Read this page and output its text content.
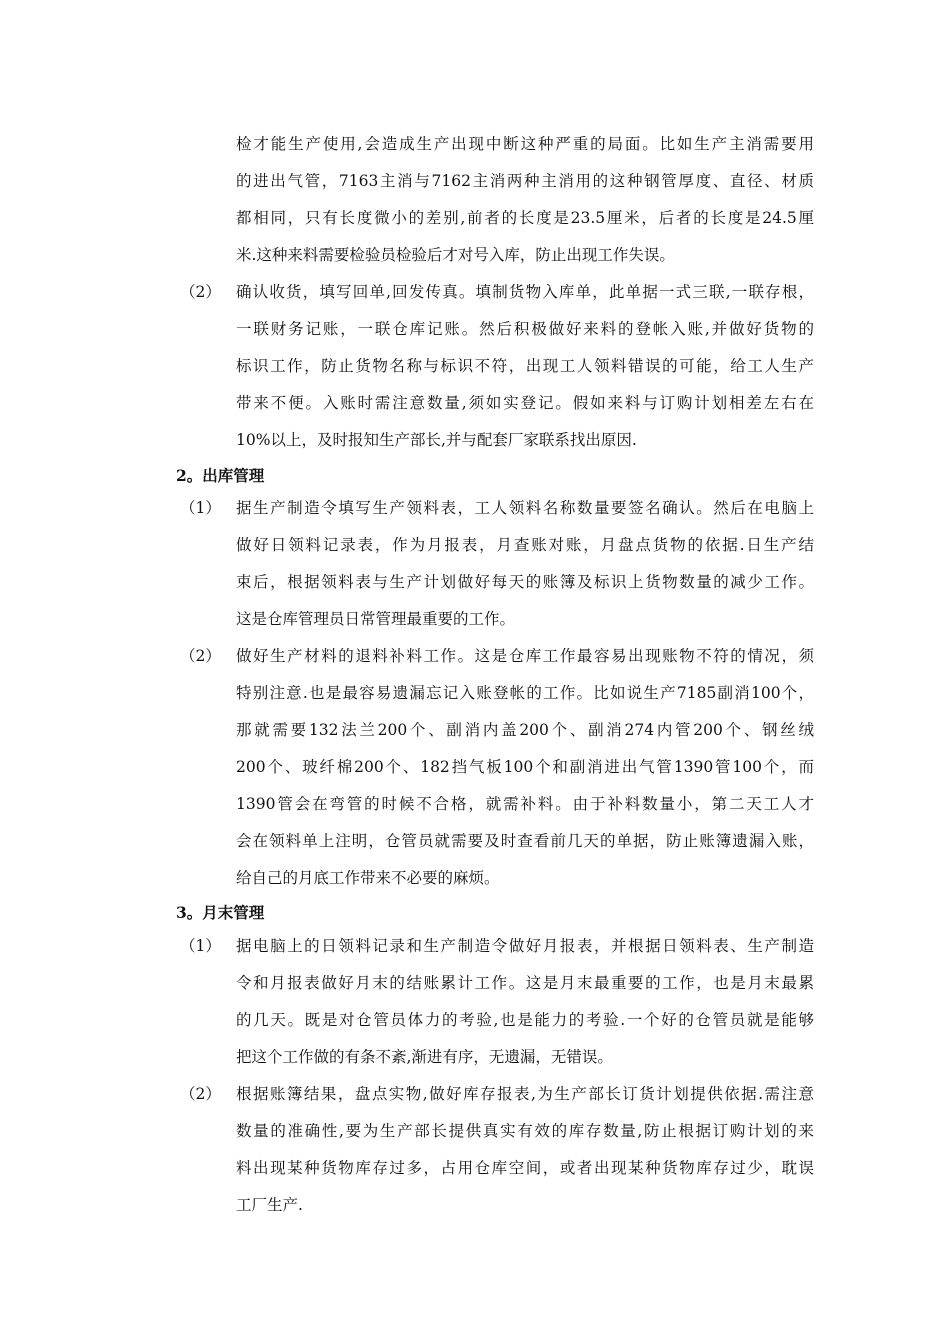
检才能生产使用,会造成生产出现中断这种严重的局面。比如生产主消需要用
的进出气管，7163主消与7162主消两种主消用的这种钢管厚度、直径、材质
都相同，只有长度微小的差别,前者的长度是23.5厘米，后者的长度是24.5厘
米.这种来料需要检验员检验后才对号入库，防止出现工作失误。
（2） 确认收货，填写回单,回发传真。填制货物入库单，此单据一式三联,一联存根，
一联财务记账，一联仓库记账。然后积极做好来料的登帐入账,并做好货物的
标识工作，防止货物名称与标识不符，出现工人领料错误的可能，给工人生产
带来不便。入账时需注意数量,须如实登记。假如来料与订购计划相差左右在
10%以上，及时报知生产部长,并与配套厂家联系找出原因.
2。出库管理
（1） 据生产制造令填写生产领料表，工人领料名称数量要签名确认。然后在电脑上
做好日领料记录表，作为月报表，月查账对账，月盘点货物的依据.日生产结
束后，根据领料表与生产计划做好每天的账簿及标识上货物数量的减少工作。
这是仓库管理员日常管理最重要的工作。
（2） 做好生产材料的退料补料工作。这是仓库工作最容易出现账物不符的情况，须
特别注意.也是最容易遗漏忘记入账登帐的工作。比如说生产7185副消100个，
那就需要132法兰200个、副消内盖200个、副消274内管200个、钢丝绒
200个、玻纤棉200个、182挡气板100个和副消进出气管1390管100个，而
1390管会在弯管的时候不合格，就需补料。由于补料数量小，第二天工人才
会在领料单上注明，仓管员就需要及时查看前几天的单据，防止账簿遗漏入账，
给自己的月底工作带来不必要的麻烦。
3。月末管理
（1） 据电脑上的日领料记录和生产制造令做好月报表，并根据日领料表、生产制造
令和月报表做好月末的结账累计工作。这是月末最重要的工作，也是月末最累
的几天。既是对仓管员体力的考验,也是能力的考验.一个好的仓管员就是能够
把这个工作做的有条不紊,渐进有序，无遗漏，无错误。
（2） 根据账簿结果，盘点实物,做好库存报表,为生产部长订货计划提供依据.需注意
数量的准确性,要为生产部长提供真实有效的库存数量,防止根据订购计划的来
料出现某种货物库存过多，占用仓库空间，或者出现某种货物库存过少，耽误
工厂生产.
